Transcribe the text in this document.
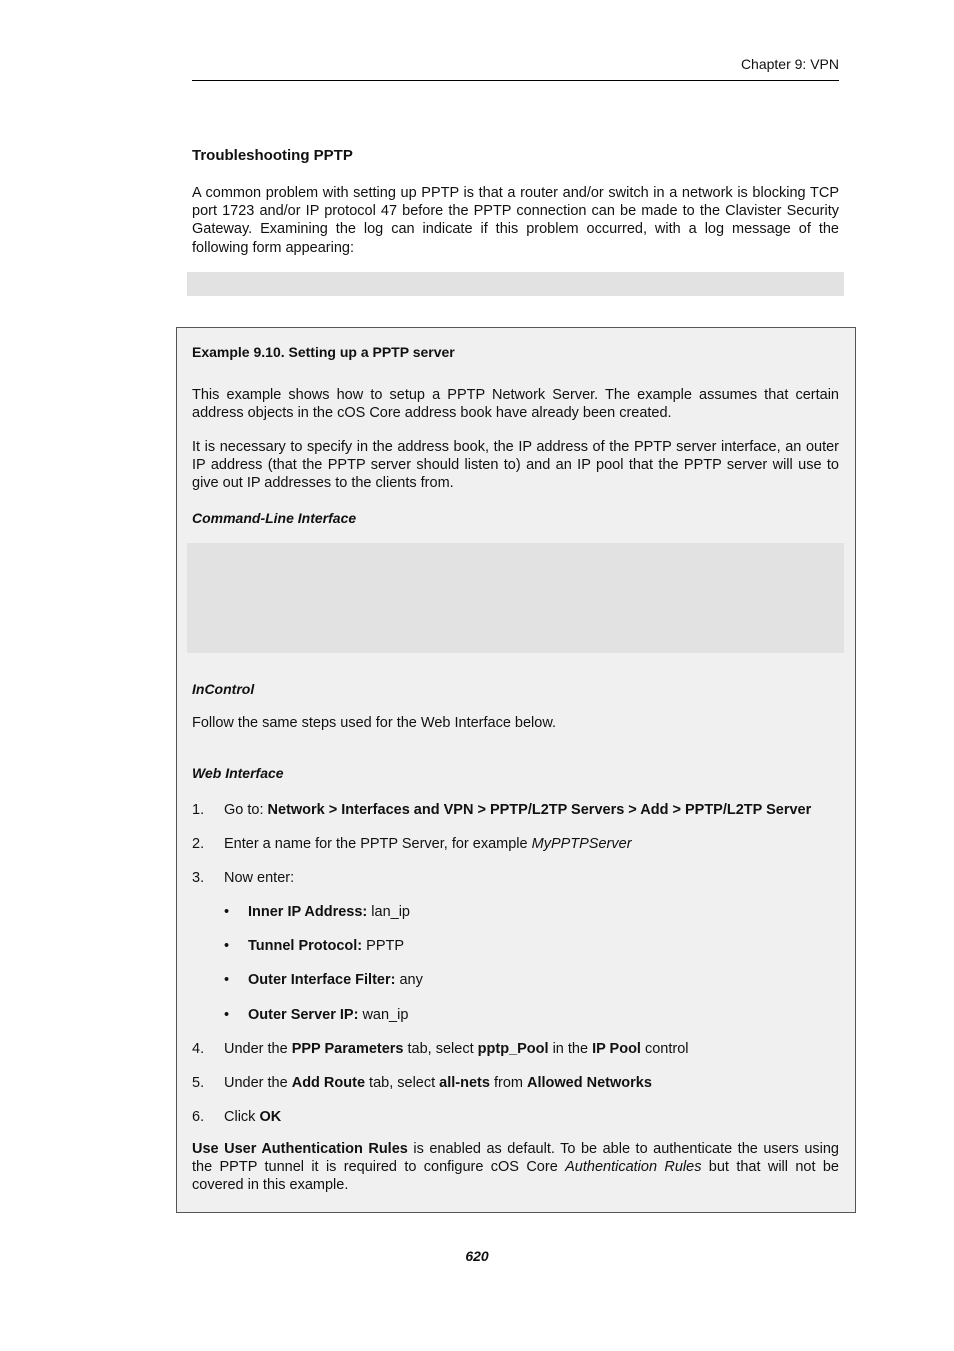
Chapter 9: VPN
Troubleshooting PPTP

A common problem with setting up PPTP is that a router and/or switch in a network is blocking TCP port 1723 and/or IP protocol 47 before the PPTP connection can be made to the Clavister Security Gateway. Examining the log can indicate if this problem occurred, with a log message of the following form appearing:

Example 9.10. Setting up a PPTP server

This example shows how to setup a PPTP Network Server. The example assumes that certain address objects in the cOS Core address book have already been created.

It is necessary to specify in the address book, the IP address of the PPTP server interface, an outer IP address (that the PPTP server should listen to) and an IP pool that the PPTP server will use to give out IP addresses to the clients from.

Command-Line Interface
InControl
Follow the same steps used for the Web Interface below.
Web Interface
1. Go to: Network > Interfaces and VPN > PPTP/L2TP Servers > Add > PPTP/L2TP Server
2. Enter a name for the PPTP Server, for example MyPPTPServer
3. Now enter:
• Inner IP Address: lan_ip
• Tunnel Protocol: PPTP
• Outer Interface Filter: any
• Outer Server IP: wan_ip
4. Under the PPP Parameters tab, select pptp_Pool in the IP Pool control
5. Under the Add Route tab, select all-nets from Allowed Networks
6. Click OK

Use User Authentication Rules is enabled as default. To be able to authenticate the users using the PPTP tunnel it is required to configure cOS Core Authentication Rules but that will not be covered in this example.

620
